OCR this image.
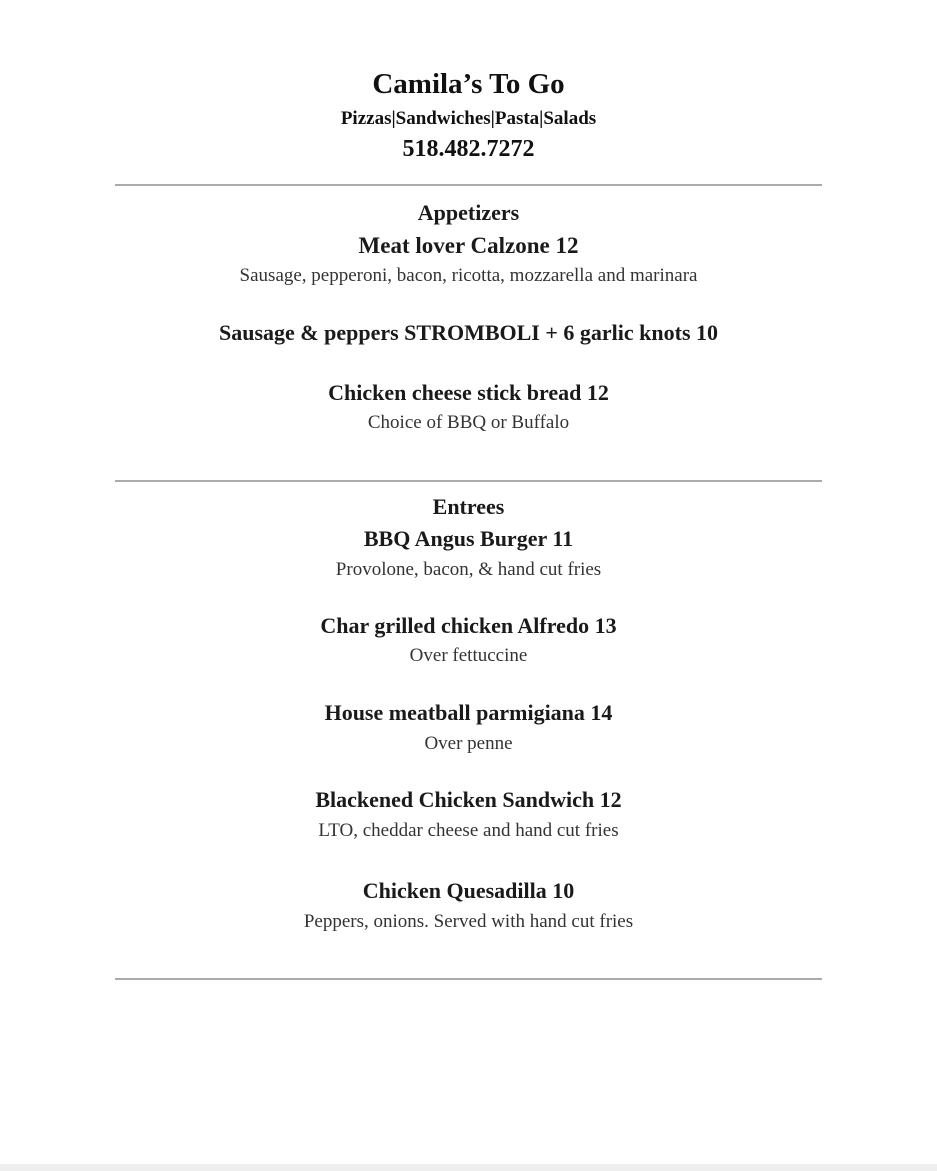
Camila’s To Go
Pizzas|Sandwiches|Pasta|Salads
518.482.7272
Appetizers
Meat lover Calzone 12
Sausage, pepperoni, bacon, ricotta, mozzarella and marinara
Sausage & peppers STROMBOLI + 6 garlic knots 10
Chicken cheese stick bread 12
Choice of BBQ or Buffalo
Entrees
BBQ Angus Burger 11
Provolone, bacon, & hand cut fries
Char grilled chicken Alfredo 13
Over fettuccine
House meatball parmigiana 14
Over penne
Blackened Chicken Sandwich 12
LTO, cheddar cheese and hand cut fries
Chicken Quesadilla 10
Peppers, onions. Served with hand cut fries
